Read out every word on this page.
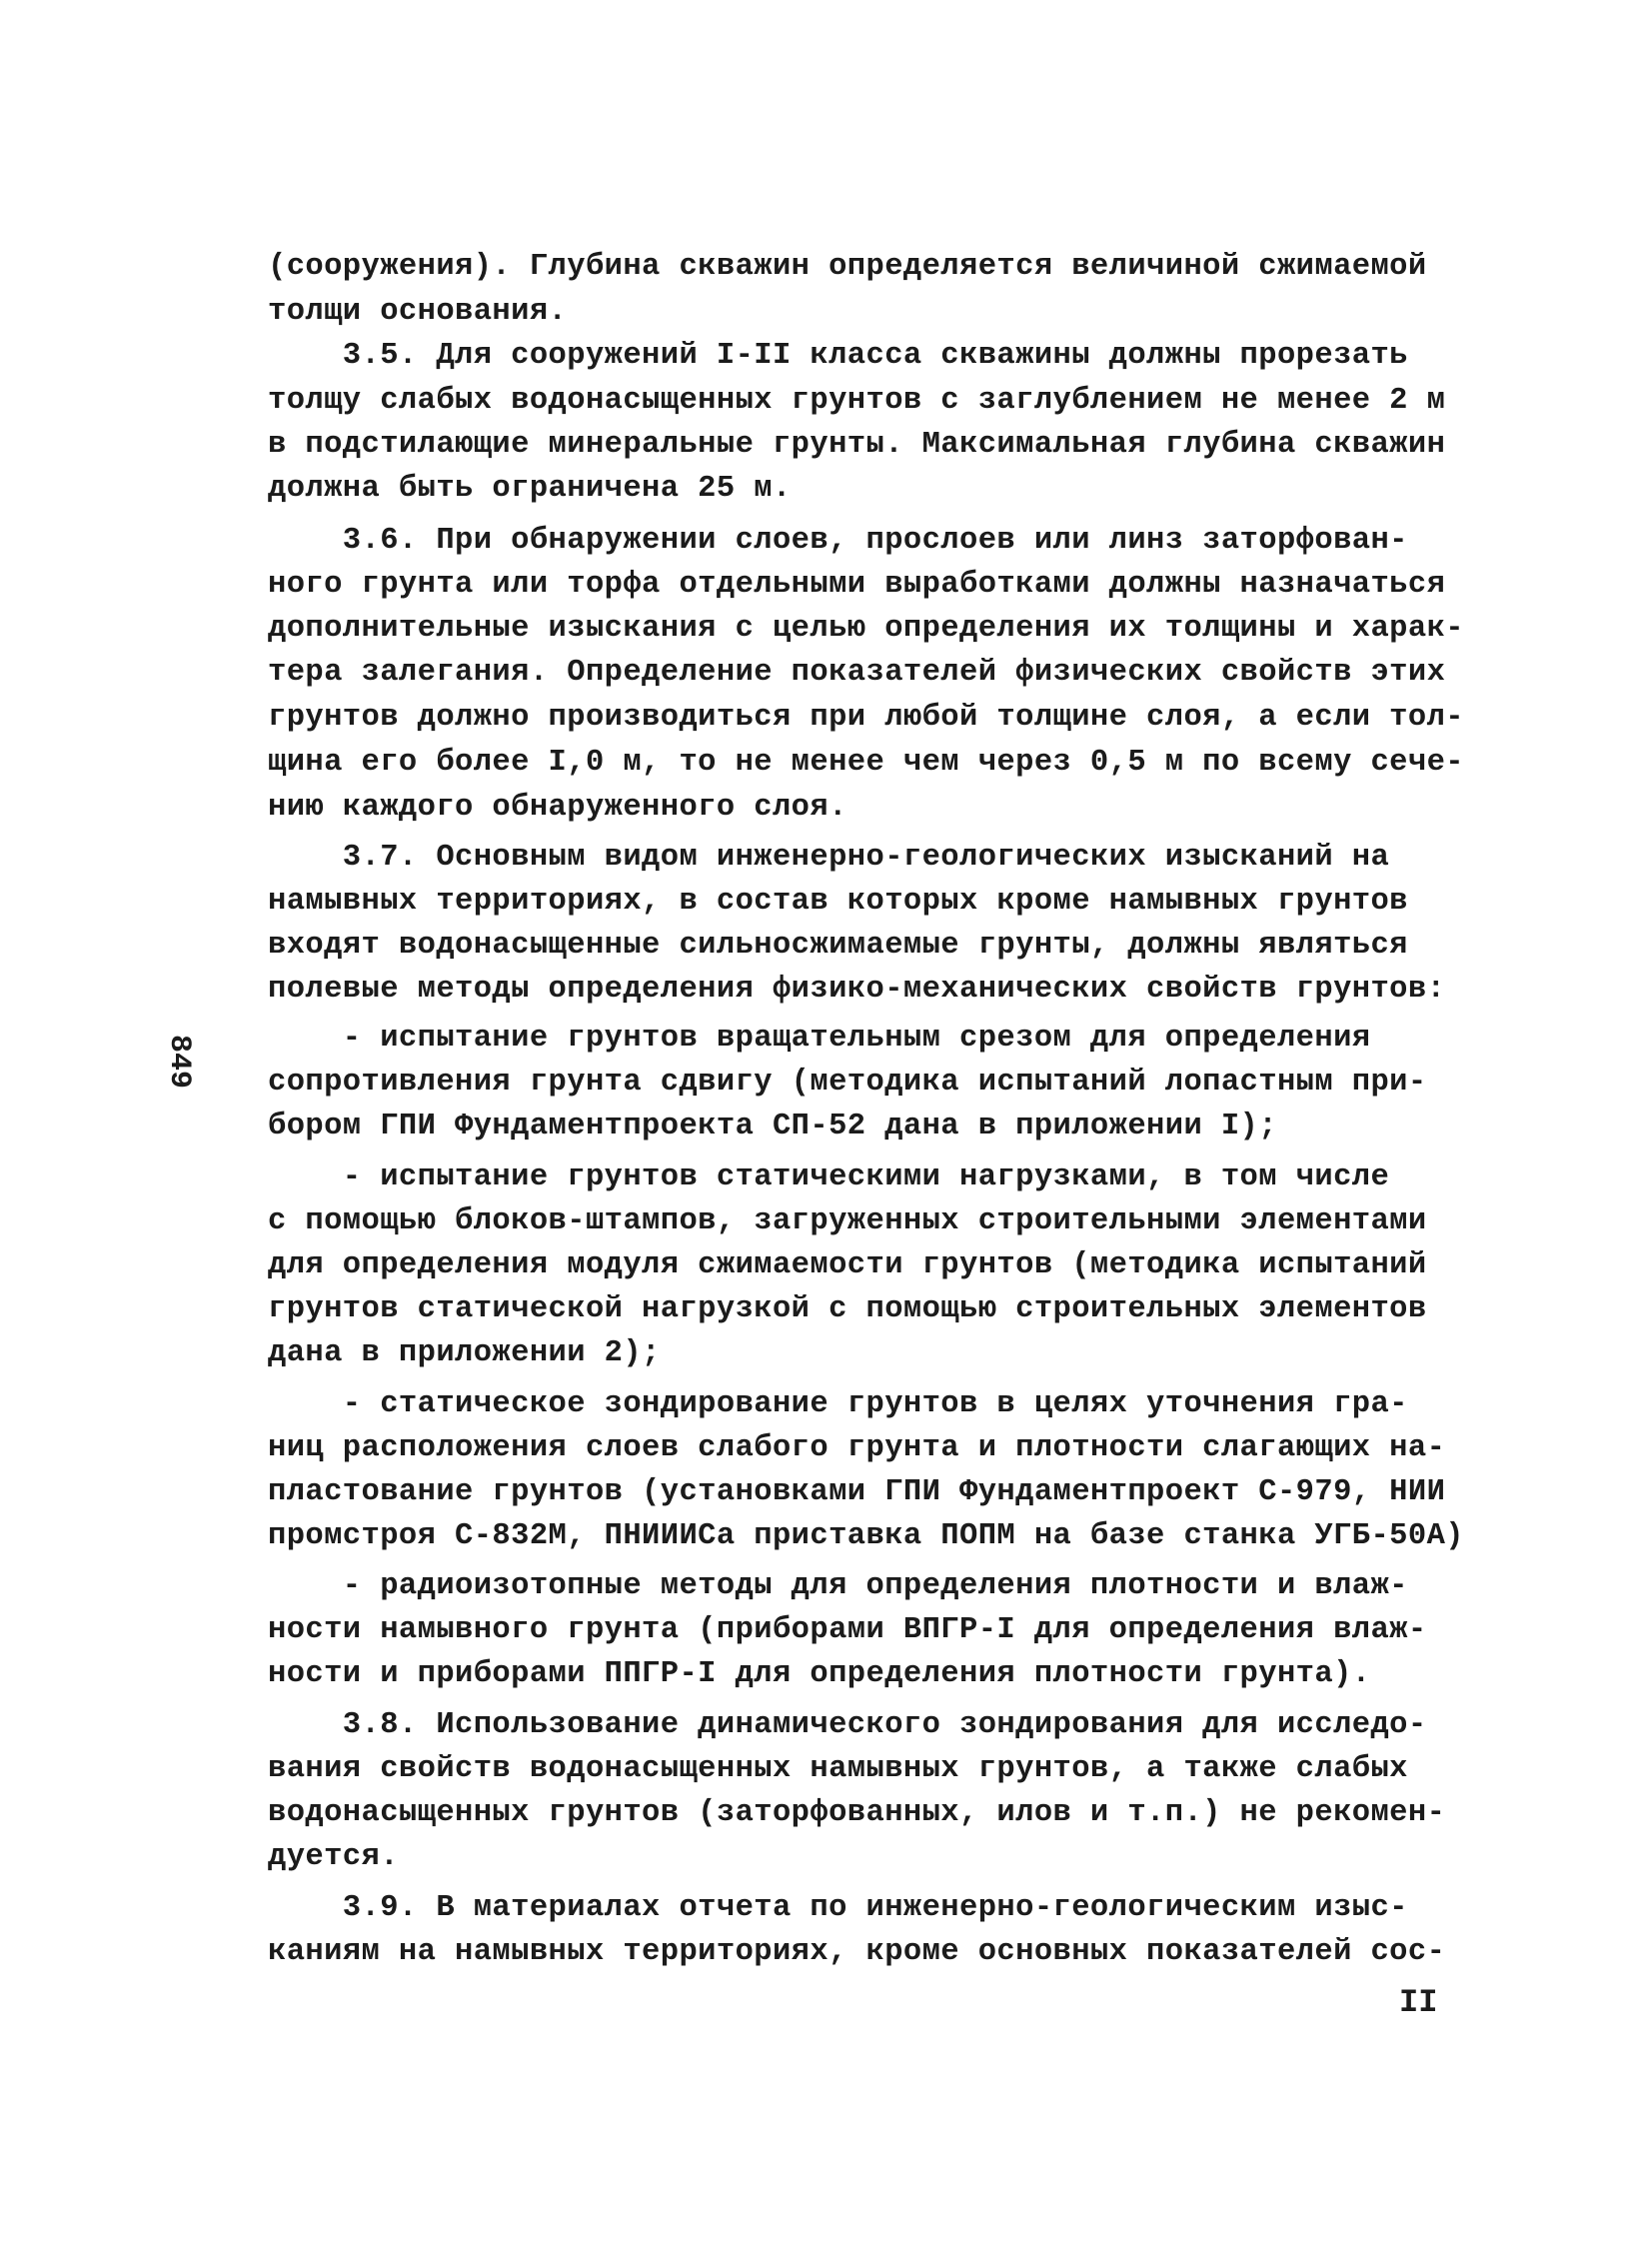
(сооружения). Глубина скважин определяется величиной сжимаемой
толщи основания.
3.5. Для сооружений I-II класса скважины должны прорезать
толщу слабых водонасыщенных грунтов с заглублением не менее 2 м
в подстилающие минеральные грунты. Максимальная глубина скважин
должна быть ограничена 25 м.
3.6. При обнаружении слоев, прослоев или линз заторфован-
ного грунта или торфа отдельными выработками должны назначаться
дополнительные изыскания с целью определения их толщины и харак-
тера залегания. Определение показателей физических свойств этих
грунтов должно производиться при любой толщине слоя, а если тол-
щина его более I,0 м, то не менее чем через 0,5 м по всему сече-
нию каждого обнаруженного слоя.
3.7. Основным видом инженерно-геологических изысканий на
намывных территориях, в состав которых кроме намывных грунтов
входят водонасыщенные сильносжимаемые грунты, должны являться
полевые методы определения физико-механических свойств грунтов:
- испытание грунтов вращательным срезом для определения
сопротивления грунта сдвигу (методика испытаний лопастным при-
бором ГПИ Фундаментпроекта СП-52 дана в приложении I);
- испытание грунтов статическими нагрузками, в том числе
с помощью блоков-штампов, загруженных строительными элементами
для определения модуля сжимаемости грунтов (методика испытаний
грунтов статической нагрузкой с помощью строительных элементов
дана в приложении 2);
- статическое зондирование грунтов в целях уточнения гра-
ниц расположения слоев слабого грунта и плотности слагающих на-
пластование грунтов (установками ГПИ Фундаментпроект С-979, НИИ
промстроя С-832М, ПНИИИСа приставка ПОПМ на базе станка УГБ-50А)
- радиоизотопные методы для определения плотности и влаж-
ности намывного грунта (приборами ВПГР-I для определения влаж-
ности и приборами ППГР-I для определения плотности грунта).
3.8. Использование динамического зондирования для исследо-
вания свойств водонасыщенных намывных грунтов, а также слабых
водонасыщенных грунтов (заторфованных, илов и т.п.) не рекомен-
дуется.
3.9. В материалах отчета по инженерно-геологическим изыс-
каниям на намывных территориях, кроме основных показателей сос-
849
II
